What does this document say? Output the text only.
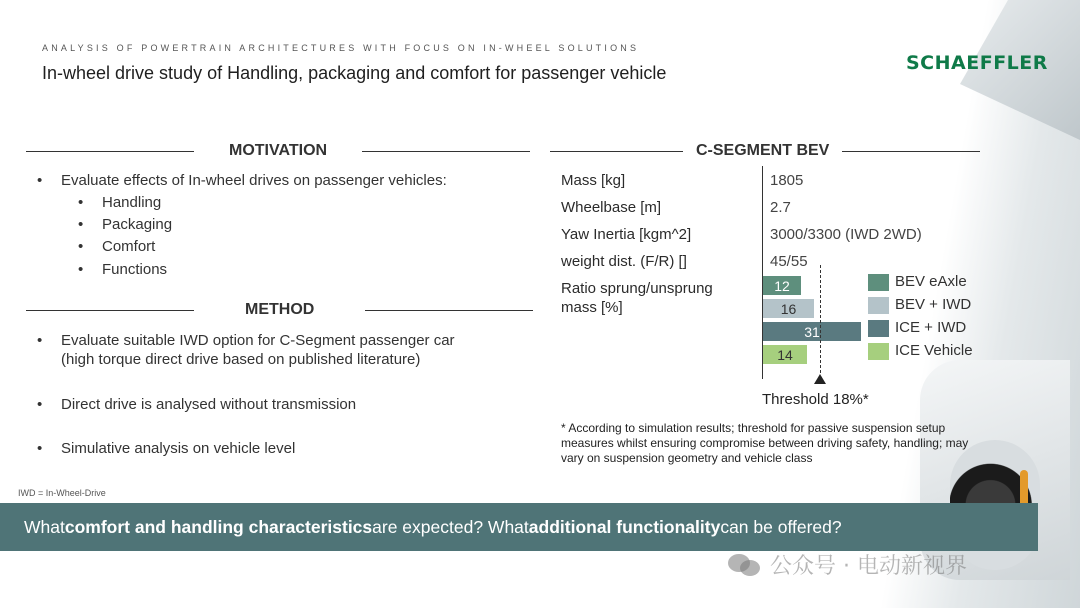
ANALYSIS OF POWERTRAIN ARCHITECTURES WITH FOCUS ON IN-WHEEL SOLUTIONS
In-wheel drive study of Handling, packaging and comfort for passenger vehicle	SCHAEFFLER
MOTIVATION
• Evaluate effects of In-wheel drives on passenger vehicles:
• Handling
• Packaging
• Comfort
• Functions
METHOD
• Evaluate suitable IWD option for C-Segment passenger car
(high torque direct drive based on published literature)
• Direct drive is analysed without transmission
• Simulative analysis on vehicle level
C-SEGMENT BEV
Mass [kg]	1805
Wheelbase [m]	2.7
Yaw Inertia [kgm^2]	3000/3300 (IWD 2WD)
weight dist. (F/R) []	45/55
Ratio sprung/unsprung
mass [%]
12
16
31
14
Threshold 18%*
BEV eAxle
BEV + IWD
ICE + IWD
ICE Vehicle
* According to simulation results; threshold for passive suspension setup measures whilst ensuring compromise between driving safety, handling; may vary on suspension geometry and vehicle class
IWD = In-Wheel-Drive
What comfort and handling characteristics are expected? What additional functionality can be offered?
公众号 · 电动新视界
